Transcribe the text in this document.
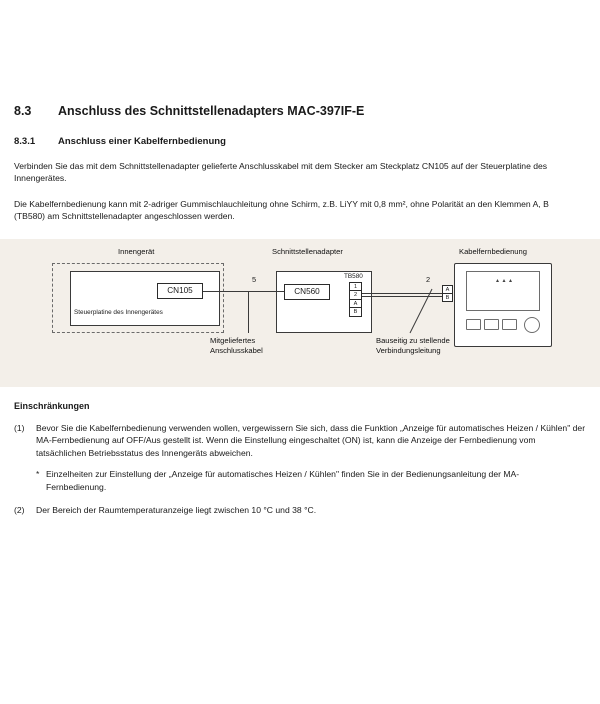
8.3	Anschluss des Schnittstellenadapters MAC-397IF-E
8.3.1	Anschluss einer Kabelfernbedienung

Verbinden Sie das mit dem Schnittstellenadapter gelieferte Anschlusskabel mit dem Stecker am Steckplatz CN105 auf der Steuerplatine des Innengerätes.

Die Kabelfernbedienung kann mit 2-adriger Gummischlauchleitung ohne Schirm, z.B. LiYY mit 0,8 mm², ohne Polarität an den Klemmen A, B (TB580) am Schnittstellenadapter angeschlossen werden.

Innengerät	Schnittstellenadapter	Kabelfernbedienung
Steuerplatine des Innengerätes
CN105	CN560
TB580
1
2
A
B
A
B
5	2
Mitgeliefertes
Anschlusskabel
Bauseitig zu stellende
Verbindungsleitung
Einschränkungen
(1)	Bevor Sie die Kabelfernbedienung verwenden wollen, vergewissern Sie sich, dass die Funktion „Anzeige für automatisches Heizen / Kühlen" der MA-Fernbedienung auf OFF/Aus gestellt ist. Wenn die Einstellung eingeschaltet (ON) ist, kann die Anzeige der Fernbedienung vom tatsächlichen Betriebsstatus des Innengeräts abweichen.
* Einzelheiten zur Einstellung der „Anzeige für automatisches Heizen / Kühlen" finden Sie in der Bedienungsanleitung der MA-Fernbedienung.
(2)	Der Bereich der Raumtemperaturanzeige liegt zwischen 10 °C und 38 °C.
